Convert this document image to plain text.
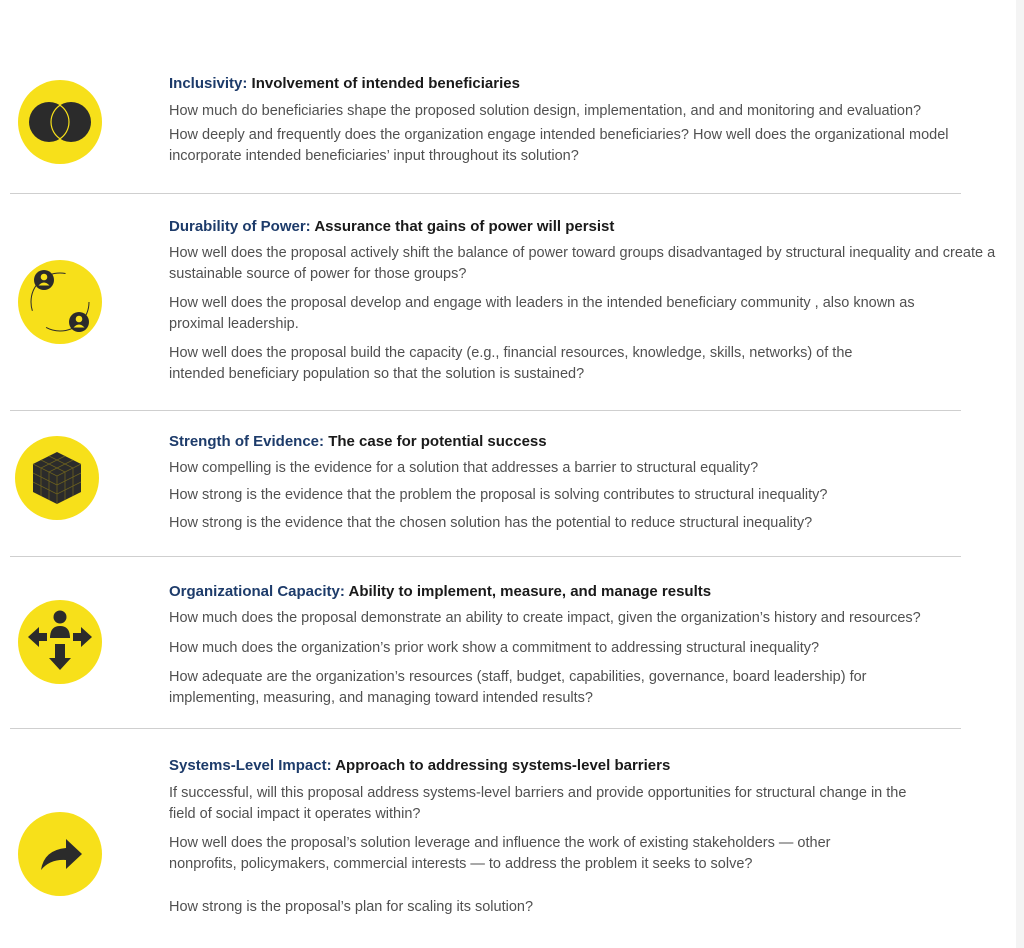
Inclusivity: Involvement of intended beneficiaries

How much do beneficiaries shape the proposed solution design, implementation, and and monitoring and evaluation?

How deeply and frequently does the organization engage intended beneficiaries? How well does the organizational model incorporate intended beneficiaries’ input throughout its solution?

Durability of Power: Assurance that gains of power will persist

How well does the proposal actively shift the balance of power toward groups disadvantaged by structural inequality and create a sustainable source of power for those groups?

How well does the proposal develop and engage with leaders in the intended beneficiary community , also known as proximal leadership.

How well does the proposal build the capacity (e.g., financial resources, knowledge, skills, networks) of the intended beneficiary population so that the solution is sustained?

Strength of Evidence: The case for potential success

How compelling is the evidence for a solution that addresses a barrier to structural equality?

How strong is the evidence that the problem the proposal is solving contributes to structural inequality?

How strong is the evidence that the chosen solution has the potential to reduce structural inequality?

Organizational Capacity: Ability to implement, measure, and manage results

How much does the proposal demonstrate an ability to create impact, given the organization’s history and resources?

How much does the organization’s prior work show a commitment to addressing structural inequality?

How adequate are the organization’s resources (staff, budget, capabilities, governance, board leadership) for implementing, measuring, and managing toward intended results?

Systems-Level Impact: Approach to addressing systems-level barriers

If successful, will this proposal address systems-level barriers and provide opportunities for structural change in the field of social impact it operates within?

How well does the proposal’s solution leverage and influence the work of existing stakeholders — other nonprofits, policymakers, commercial interests — to address the problem it seeks to solve?

How strong is the proposal’s plan for scaling its solution?
